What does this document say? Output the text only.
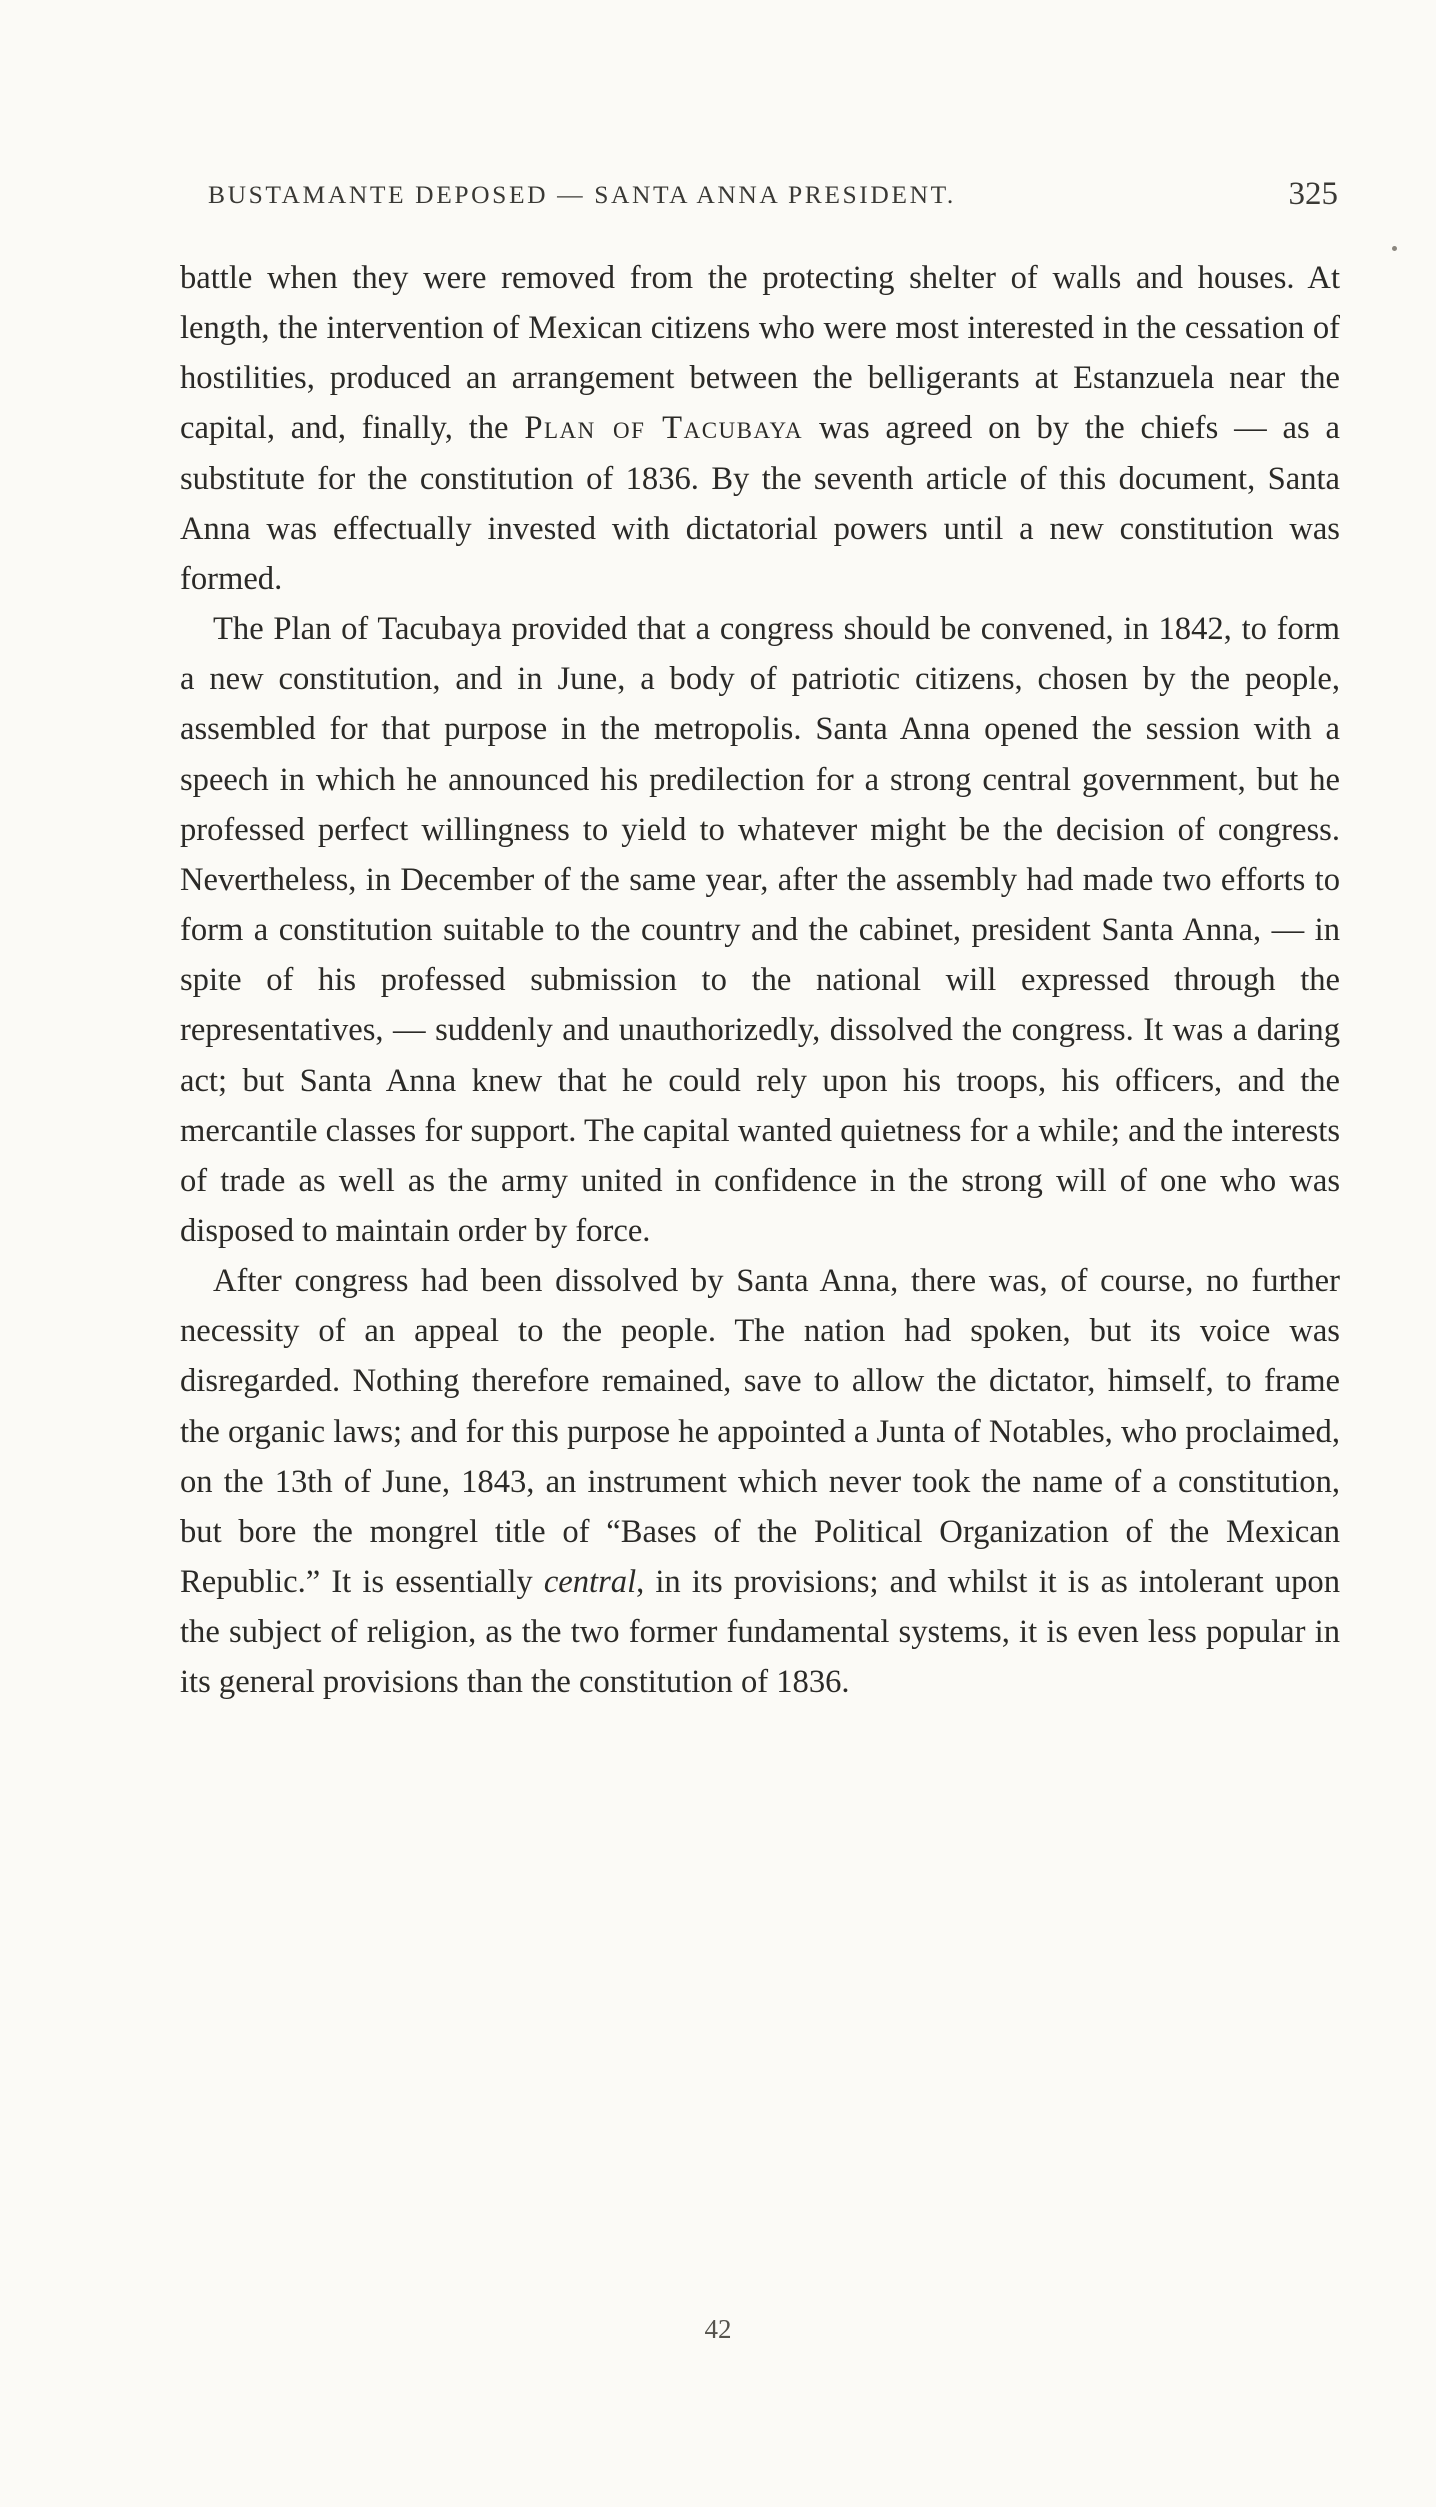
BUSTAMANTE DEPOSED — SANTA ANNA PRESIDENT.	325

battle when they were removed from the protecting shelter of walls and houses. At length, the intervention of Mexican citizens who were most interested in the cessation of hostilities, produced an arrangement between the belligerants at Estanzuela near the capital, and, finally, the Plan of Tacubaya was agreed on by the chiefs — as a substitute for the constitution of 1836. By the seventh article of this document, Santa Anna was effectually invested with dictatorial powers until a new constitution was formed.

The Plan of Tacubaya provided that a congress should be convened, in 1842, to form a new constitution, and in June, a body of patriotic citizens, chosen by the people, assembled for that purpose in the metropolis. Santa Anna opened the session with a speech in which he announced his predilection for a strong central government, but he professed perfect willingness to yield to whatever might be the decision of congress. Nevertheless, in December of the same year, after the assembly had made two efforts to form a constitution suitable to the country and the cabinet, president Santa Anna, — in spite of his professed submission to the national will expressed through the representatives, — suddenly and unauthorizedly, dissolved the congress. It was a daring act; but Santa Anna knew that he could rely upon his troops, his officers, and the mercantile classes for support. The capital wanted quietness for a while; and the interests of trade as well as the army united in confidence in the strong will of one who was disposed to maintain order by force.

After congress had been dissolved by Santa Anna, there was, of course, no further necessity of an appeal to the people. The nation had spoken, but its voice was disregarded. Nothing therefore remained, save to allow the dictator, himself, to frame the organic laws; and for this purpose he appointed a Junta of Notables, who proclaimed, on the 13th of June, 1843, an instrument which never took the name of a constitution, but bore the mongrel title of “Bases of the Political Organization of the Mexican Republic.” It is essentially central, in its provisions; and whilst it is as intolerant upon the subject of religion, as the two former fundamental systems, it is even less popular in its general provisions than the constitution of 1836.

42
